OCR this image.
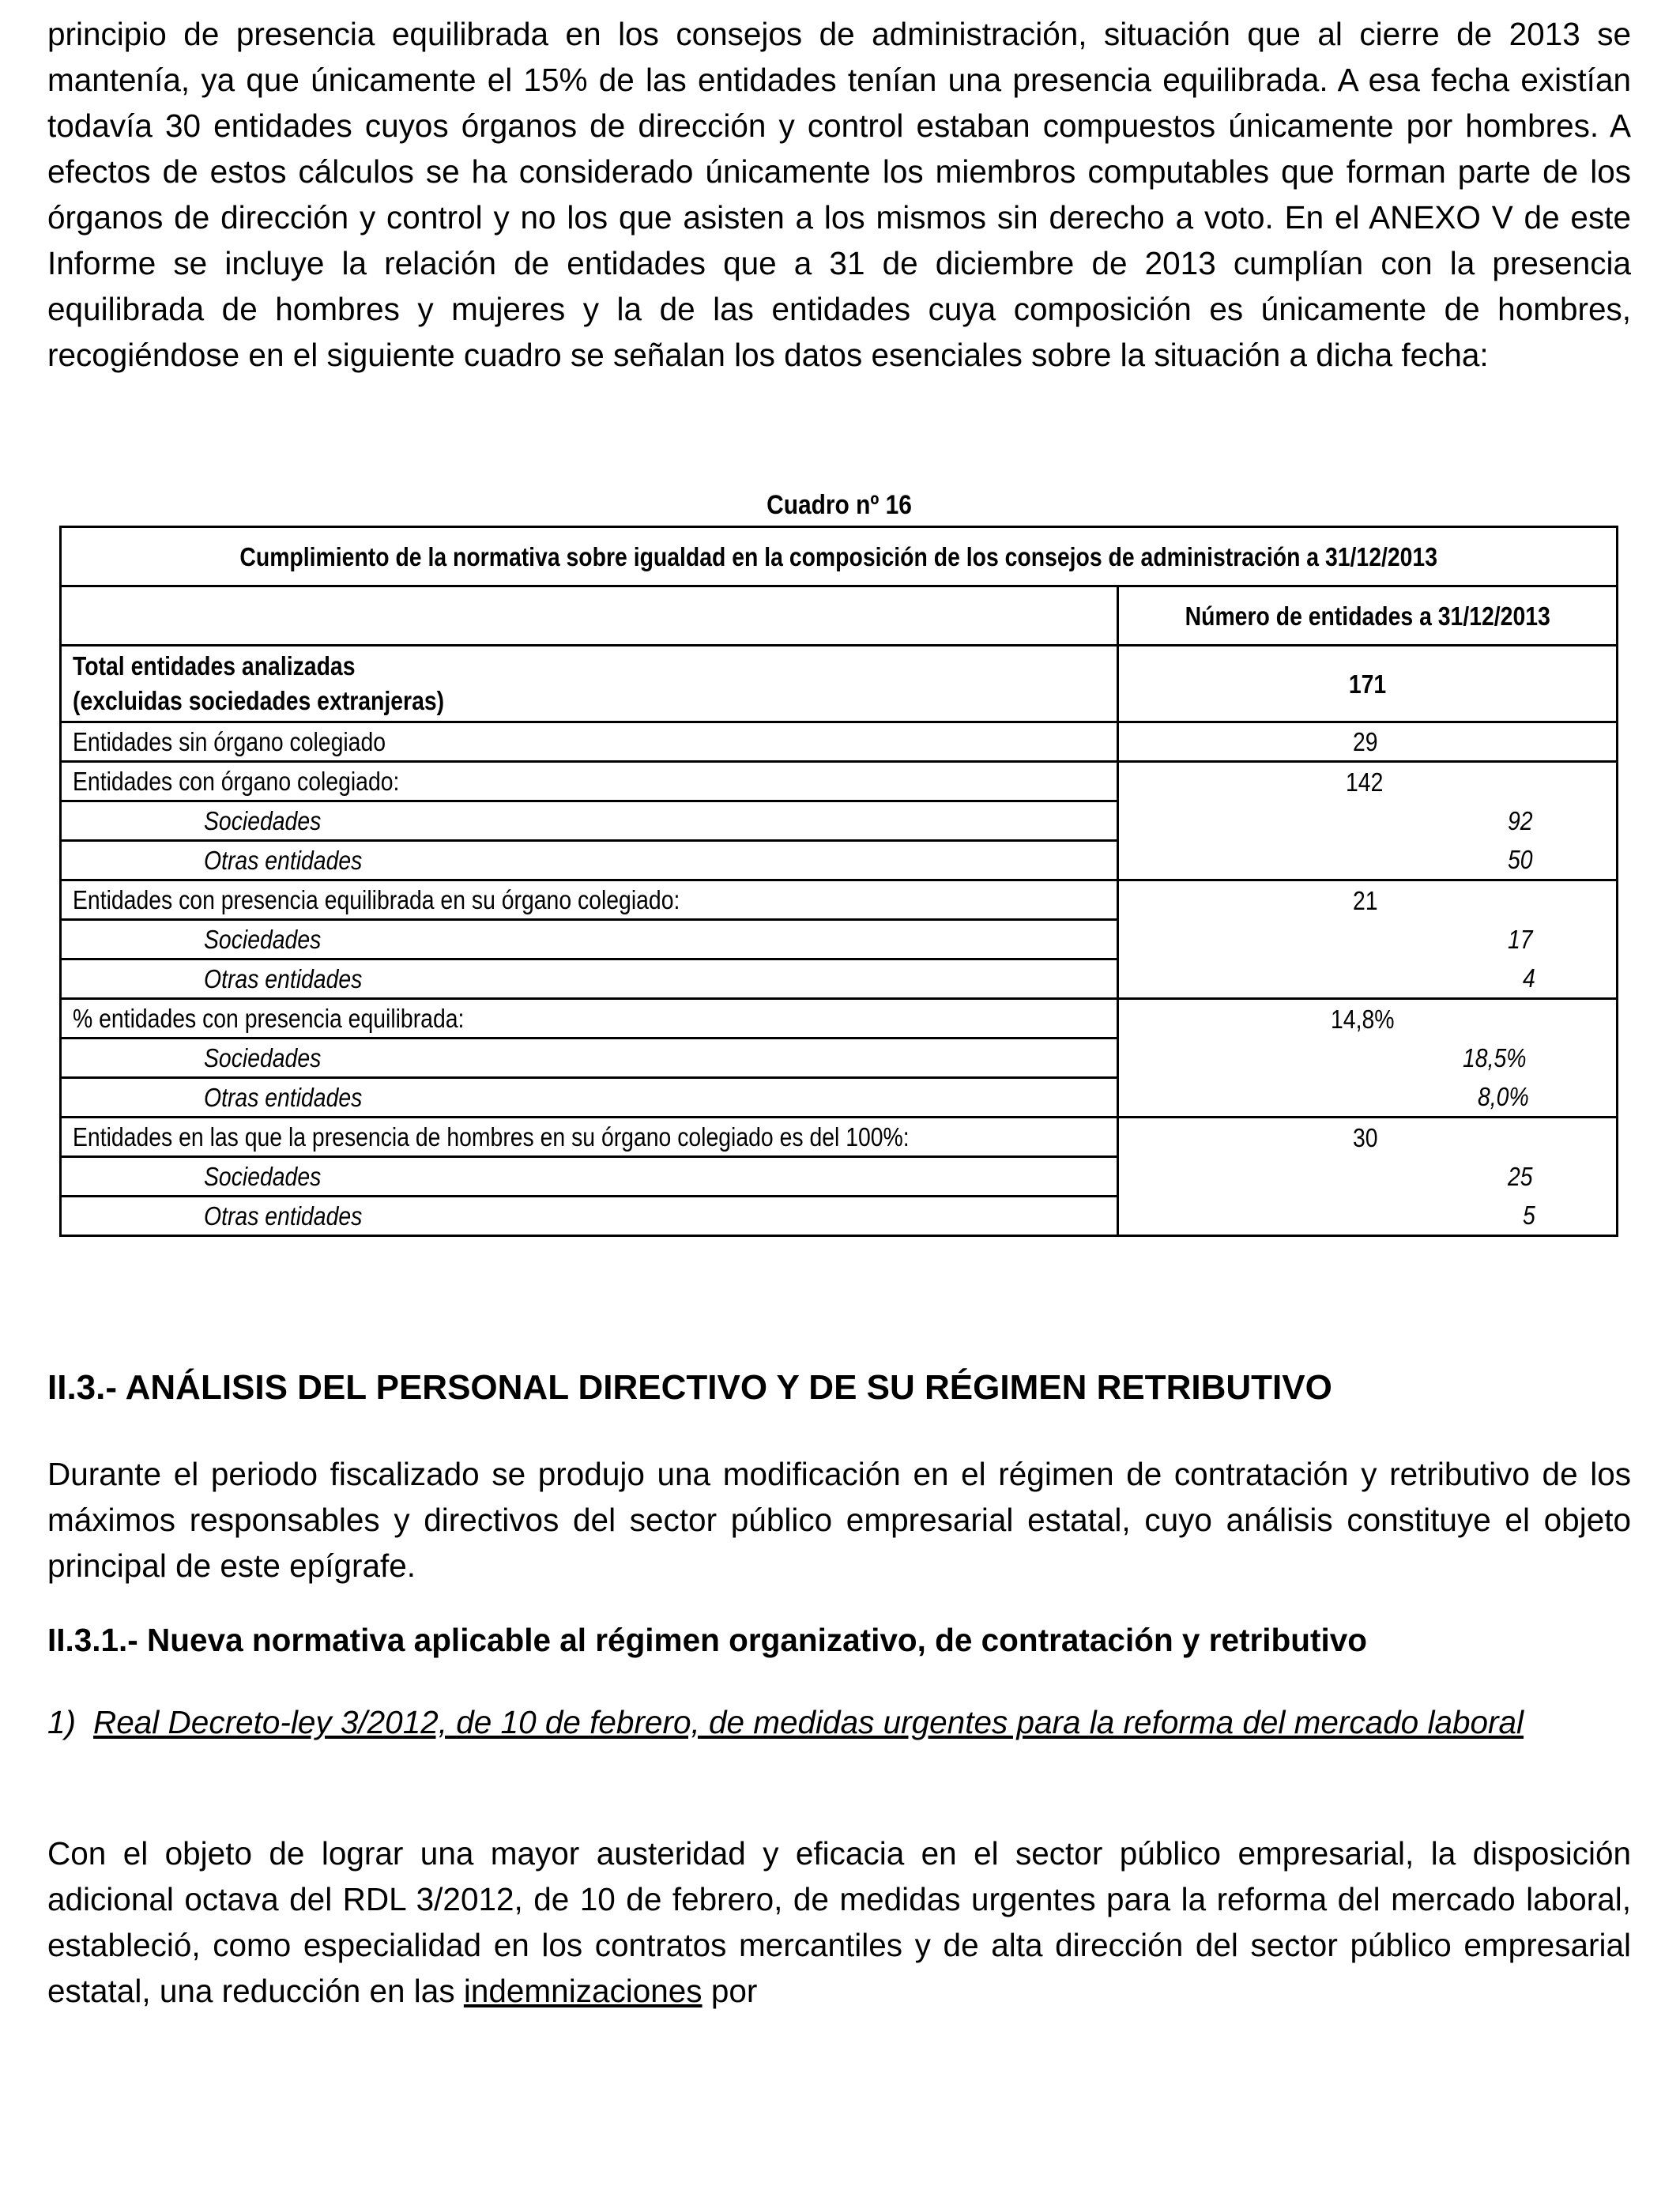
principio de presencia equilibrada en los consejos de administración, situación que al cierre de 2013 se mantenía, ya que únicamente el 15% de las entidades tenían una presencia equilibrada. A esa fecha existían todavía 30 entidades cuyos órganos de dirección y control estaban compuestos únicamente por hombres. A efectos de estos cálculos se ha considerado únicamente los miembros computables que forman parte de los órganos de dirección y control y no los que asisten a los mismos sin derecho a voto. En el ANEXO V de este Informe se incluye la relación de entidades que a 31 de diciembre de 2013 cumplían con la presencia equilibrada de hombres y mujeres y la de las entidades cuya composición es únicamente de hombres, recogiéndose en el siguiente cuadro se señalan los datos esenciales sobre la situación a dicha fecha:

Cuadro nº 16
Cumplimiento de la normativa sobre igualdad en la composición de los consejos de administración a 31/12/2013	
	Número de entidades a 31/12/2013
Total entidades analizadas
(excluidas sociedades extranjeras)	171
Entidades sin órgano colegiado	29
Entidades con órgano colegiado:	142
Sociedades	92
Otras entidades	50
Entidades con presencia equilibrada en su órgano colegiado:	21
Sociedades	17
Otras entidades	4
% entidades con presencia equilibrada:	14,8%
Sociedades	18,5%
Otras entidades	8,0%
Entidades en las que la presencia de hombres en su órgano colegiado es del 100%:	30
Sociedades	25
Otras entidades	5
II.3.- ANÁLISIS DEL PERSONAL DIRECTIVO Y DE SU RÉGIMEN RETRIBUTIVO

Durante el periodo fiscalizado se produjo una modificación en el régimen de contratación y retributivo de los máximos responsables y directivos del sector público empresarial estatal, cuyo análisis constituye el objeto principal de este epígrafe.

II.3.1.- Nueva normativa aplicable al régimen organizativo, de contratación y retributivo
1) Real Decreto-ley 3/2012, de 10 de febrero, de medidas urgentes para la reforma del mercado laboral

Con el objeto de lograr una mayor austeridad y eficacia en el sector público empresarial, la disposición adicional octava del RDL 3/2012, de 10 de febrero, de medidas urgentes para la reforma del mercado laboral, estableció, como especialidad en los contratos mercantiles y de alta dirección del sector público empresarial estatal, una reducción en las indemnizaciones por
